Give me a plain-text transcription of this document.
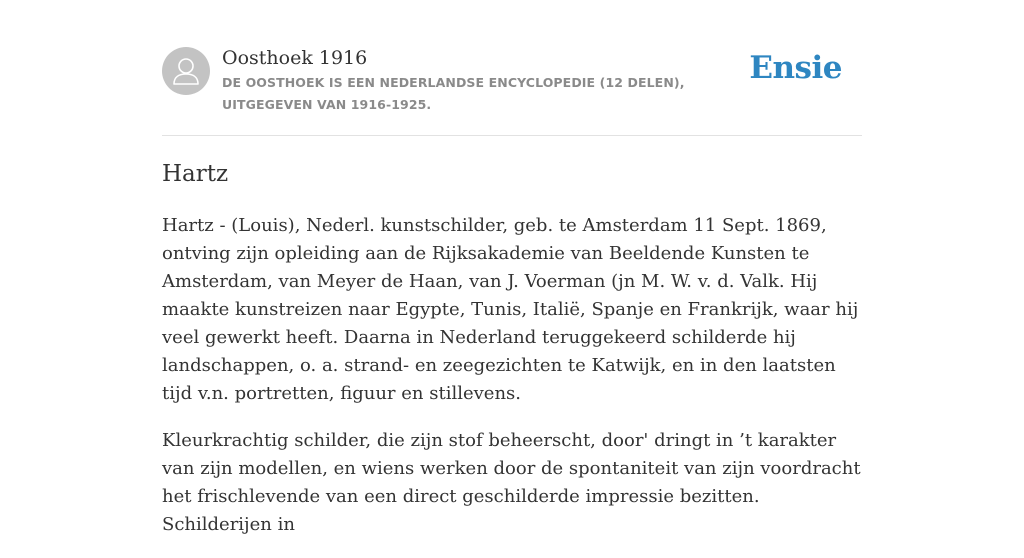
Oosthoek 1916
DE OOSTHOEK IS EEN NEDERLANDSE ENCYCLOPEDIE (12 DELEN), UITGEGEVEN VAN 1916-1925.
Ensie
Hartz

Hartz - (Louis), Nederl. kunstschilder, geb. te Amsterdam 11 Sept. 1869, ontving zijn opleiding aan de Rijksakademie van Beeldende Kunsten te Amsterdam, van Meyer de Haan, van J. Voerman (jn M. W. v. d. Valk. Hij maakte kunstreizen naar Egypte, Tunis, Italië, Spanje en Frankrijk, waar hij veel gewerkt heeft. Daarna in Nederland teruggekeerd schilderde hij landschappen, o. a. strand- en zeegezichten te Katwijk, en in den laatsten tijd v.n. portretten, figuur en stillevens.

Kleurkrachtig schilder, die zijn stof beheerscht, door' dringt in ’t karakter van zijn modellen, en wiens werken door de spontaniteit van zijn voordracht het frischlevende van een direct geschilderde impressie bezitten. Schilderijen in
